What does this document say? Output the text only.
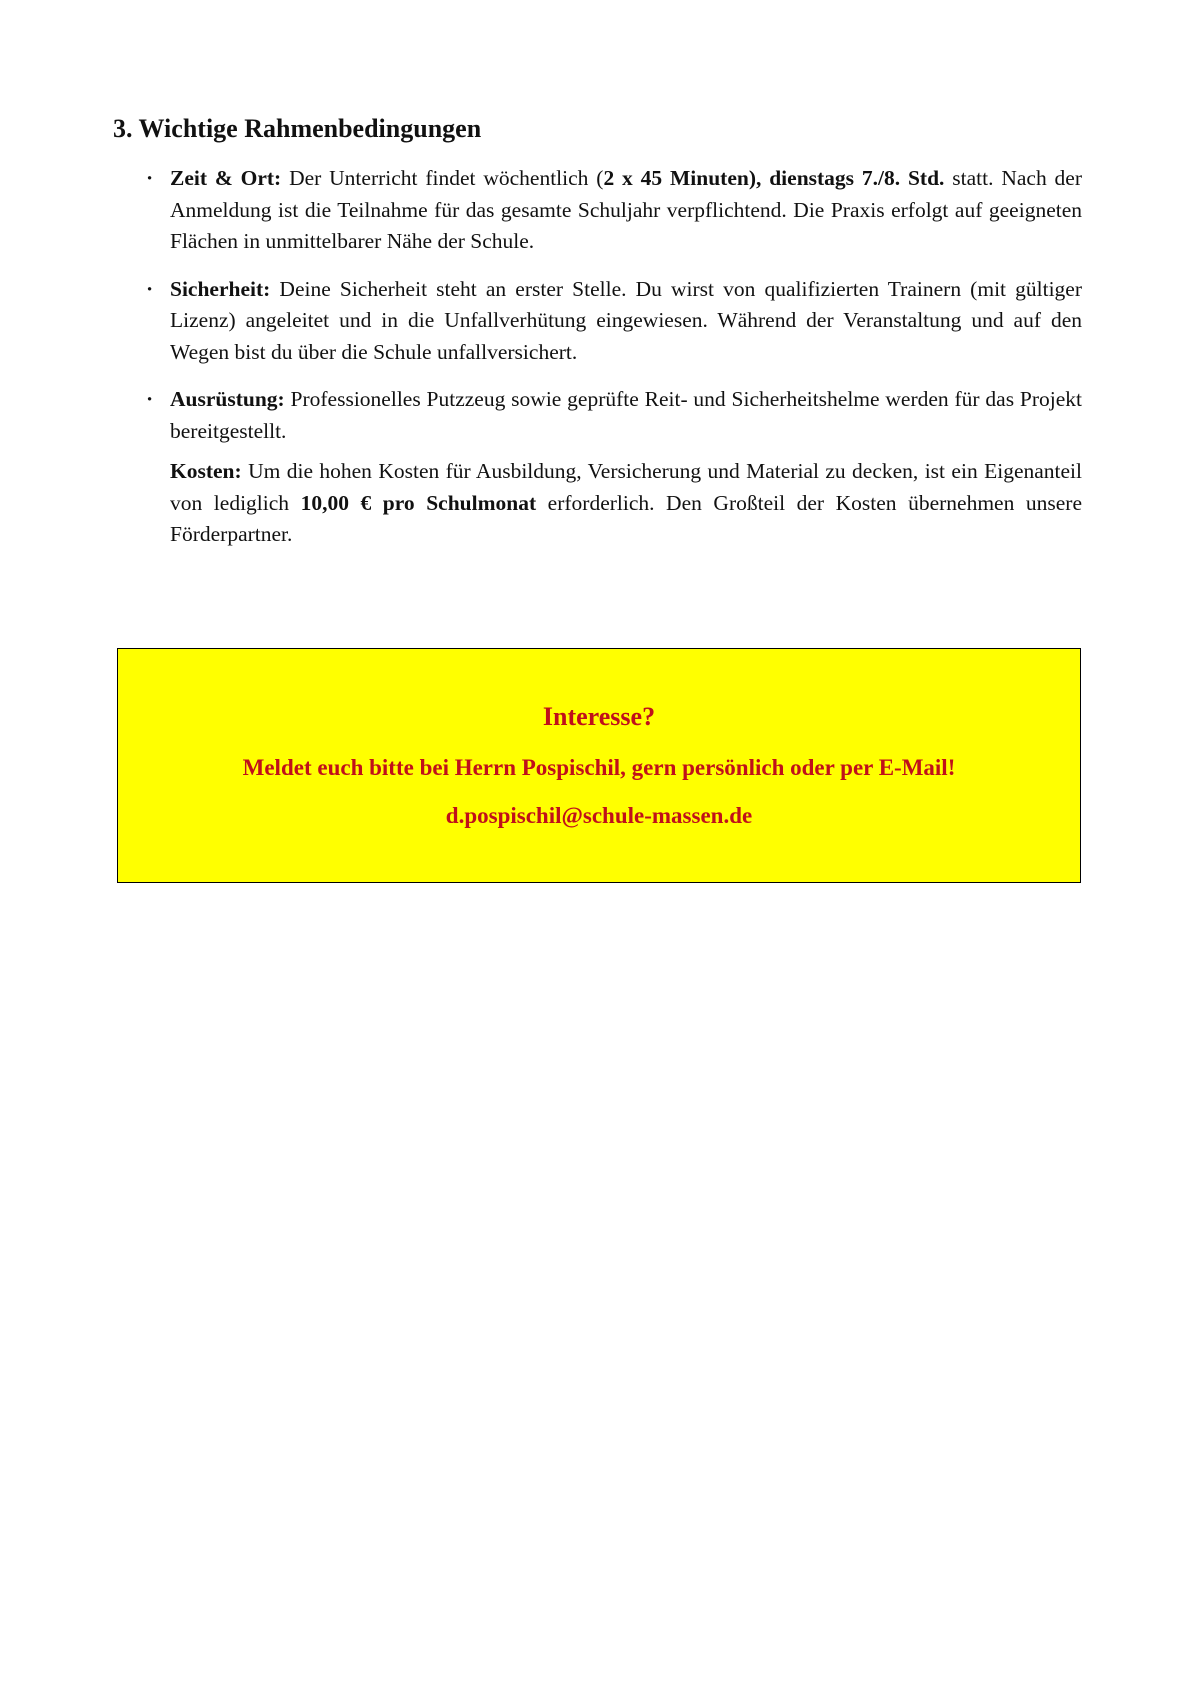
3. Wichtige Rahmenbedingungen
· Zeit & Ort: Der Unterricht findet wöchentlich (2 x 45 Minuten), dienstags 7./8. Std. statt. Nach der Anmeldung ist die Teilnahme für das gesamte Schuljahr verpflichtend. Die Praxis erfolgt auf geeigneten Flächen in unmittelbarer Nähe der Schule.
· Sicherheit: Deine Sicherheit steht an erster Stelle. Du wirst von qualifizierten Trainern (mit gültiger Lizenz) angeleitet und in die Unfallverhütung eingewiesen. Während der Veranstaltung und auf den Wegen bist du über die Schule unfallversichert.
· Ausrüstung: Professionelles Putzzeug sowie geprüfte Reit- und Sicherheitshelme werden für das Projekt bereitgestellt.
Kosten: Um die hohen Kosten für Ausbildung, Versicherung und Material zu decken, ist ein Eigenanteil von lediglich 10,00 € pro Schulmonat erforderlich. Den Großteil der Kosten übernehmen unsere Förderpartner.
Interesse?
Meldet euch bitte bei Herrn Pospischil, gern persönlich oder per E-Mail!
d.pospischil@schule-massen.de
